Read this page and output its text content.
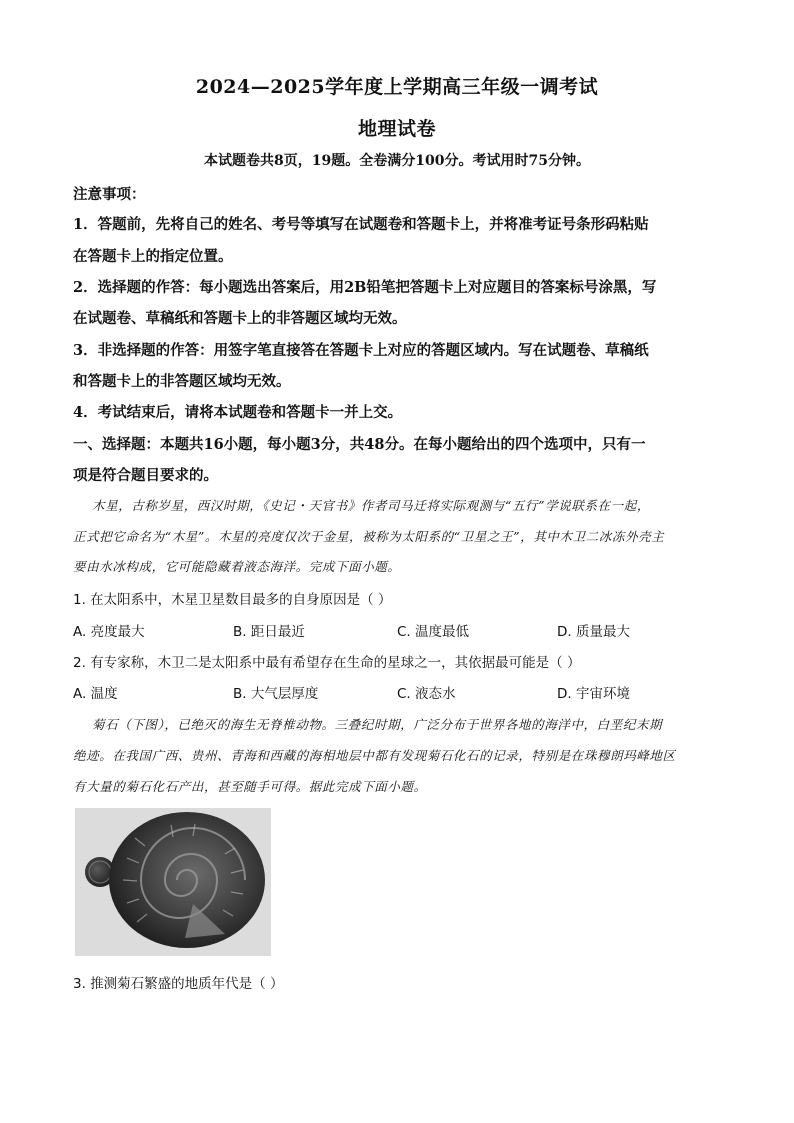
2024—2025学年度上学期高三年级一调考试
地理试卷
本试题卷共8页，19题。全卷满分100分。考试用时75分钟。
注意事项：
1．答题前，先将自己的姓名、考号等填写在试题卷和答题卡上，并将准考证号条形码粘贴
在答题卡上的指定位置。
2．选择题的作答：每小题选出答案后，用2B铅笔把答题卡上对应题目的答案标号涂黑，写
在试题卷、草稿纸和答题卡上的非答题区域均无效。
3．非选择题的作答：用签字笔直接答在答题卡上对应的答题区域内。写在试题卷、草稿纸
和答题卡上的非答题区域均无效。
4．考试结束后，请将本试题卷和答题卡一并上交。
一、选择题：本题共16小题，每小题3分，共48分。在每小题给出的四个选项中，只有一
项是符合题目要求的。
木星，古称岁星，西汉时期，《史记・天官书》作者司马迁将实际观测与“五行”学说联系在一起，
正式把它命名为“木星”。木星的亮度仅次于金星，被称为太阳系的“卫星之王”，其中木卫二冰冻外壳主
要由水冰构成，它可能隐藏着液态海洋。完成下面小题。
1. 在太阳系中，木星卫星数目最多的自身原因是（ ）
A. 亮度最大	B. 距日最近	C. 温度最低	D. 质量最大
2. 有专家称，木卫二是太阳系中最有希望存在生命的星球之一，其依据最可能是（ ）
A. 温度	B. 大气层厚度	C. 液态水	D. 宇宙环境
菊石（下图），已绝灭的海生无脊椎动物。三叠纪时期，广泛分布于世界各地的海洋中，白垩纪末期
绝迹。在我国广西、贵州、青海和西藏的海相地层中都有发现菊石化石的记录，特别是在珠穆朗玛峰地区
有大量的菊石化石产出，甚至随手可得。据此完成下面小题。
3. 推测菊石繁盛的地质年代是（ ）
